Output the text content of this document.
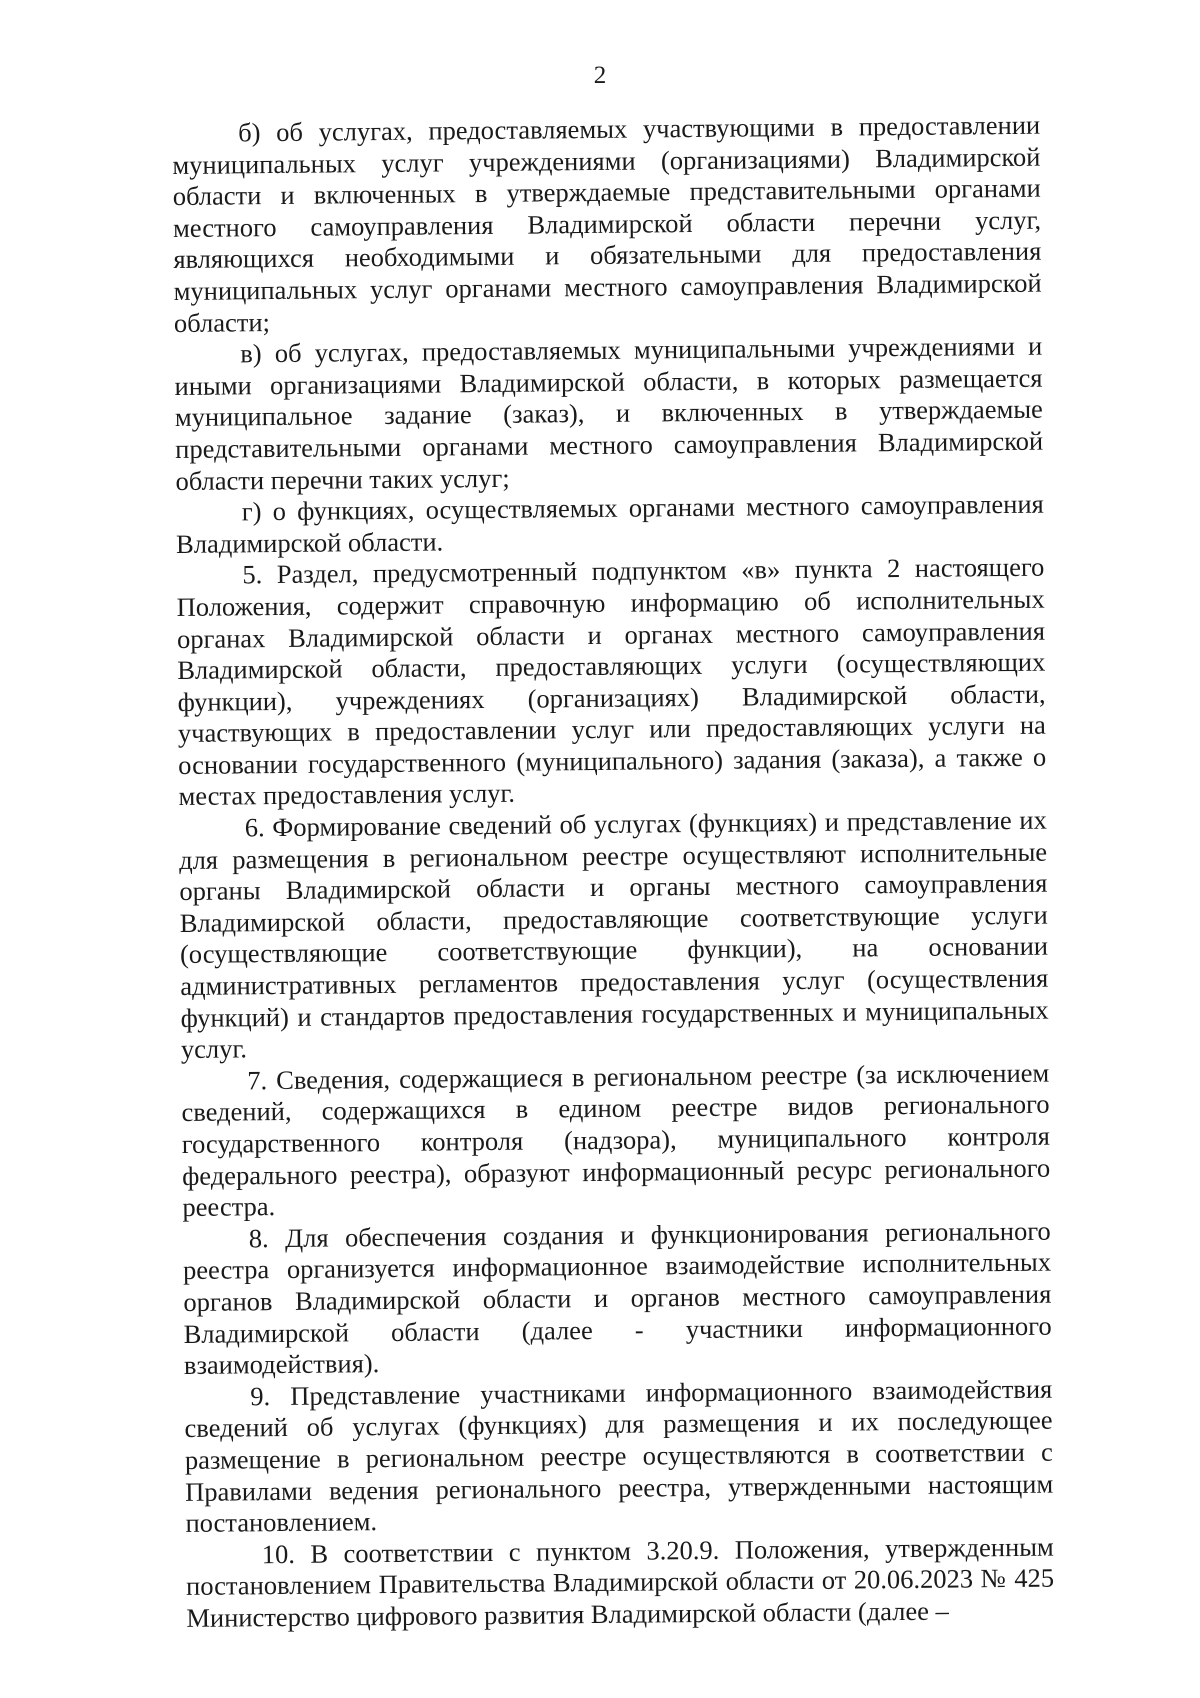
2

б) об услугах, предоставляемых участвующими в предоставлении муниципальных услуг учреждениями (организациями) Владимирской области и включенных в утверждаемые представительными органами местного самоуправления Владимирской области перечни услуг, являющихся необходимыми и обязательными для предоставления муниципальных услуг органами местного самоуправления Владимирской области;

в) об услугах, предоставляемых муниципальными учреждениями и иными организациями Владимирской области, в которых размещается муниципальное задание (заказ), и включенных в утверждаемые представительными органами местного самоуправления Владимирской области перечни таких услуг;

г) о функциях, осуществляемых органами местного самоуправления Владимирской области.

5. Раздел, предусмотренный подпунктом «в» пункта 2 настоящего Положения, содержит справочную информацию об исполнительных органах Владимирской области и органах местного самоуправления Владимирской области, предоставляющих услуги (осуществляющих функции), учреждениях (организациях) Владимирской области, участвующих в предоставлении услуг или предоставляющих услуги на основании государственного (муниципального) задания (заказа), а также о местах предоставления услуг.

6. Формирование сведений об услугах (функциях) и представление их для размещения в региональном реестре осуществляют исполнительные органы Владимирской области и органы местного самоуправления Владимирской области, предоставляющие соответствующие услуги (осуществляющие соответствующие функции), на основании административных регламентов предоставления услуг (осуществления функций) и стандартов предоставления государственных и муниципальных услуг.

7. Сведения, содержащиеся в региональном реестре (за исключением сведений, содержащихся в едином реестре видов регионального государственного контроля (надзора), муниципального контроля федерального реестра), образуют информационный ресурс регионального реестра.

8. Для обеспечения создания и функционирования регионального реестра организуется информационное взаимодействие исполнительных органов Владимирской области и органов местного самоуправления Владимирской области (далее - участники информационного взаимодействия).

9. Представление участниками информационного взаимодействия сведений об услугах (функциях) для размещения и их последующее размещение в региональном реестре осуществляются в соответствии с Правилами ведения регионального реестра, утвержденными настоящим постановлением.

10. В соответствии с пунктом 3.20.9. Положения, утвержденным постановлением Правительства Владимирской области от 20.06.2023 № 425 Министерство цифрового развития Владимирской области (далее –
